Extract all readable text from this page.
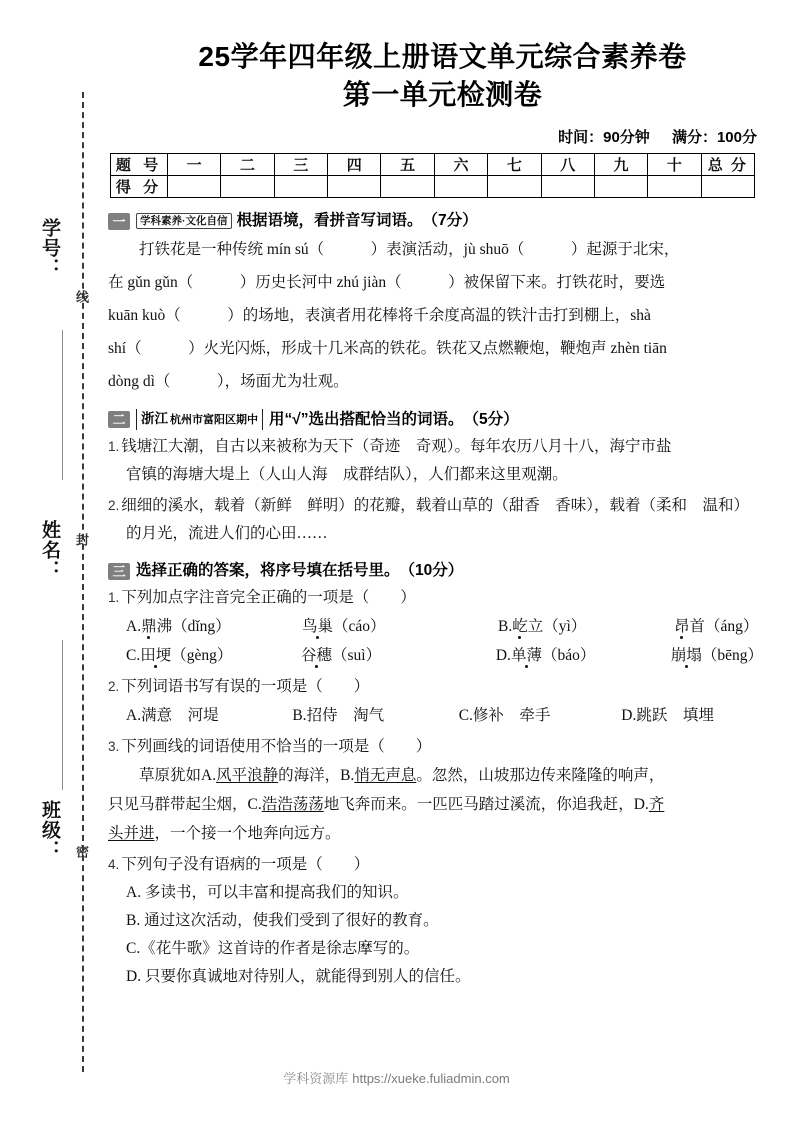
学号：
线
姓名： 封
班级： 密
25学年四年级上册语文单元综合素养卷
第一单元检测卷
时间：90分钟 满分：100分
题 号	一	二	三	四	五	六	七	八	九	十	总 分
得 分											
一	学科素养·文化自信 根据语境，看拼音写词语。 （7分）
打铁花是一种传统 mín sú（　　　）表演活动，jù shuō（　　　）起源于北宋，
在 gǔn gǔn（　　　）历史长河中 zhú jiàn（　　　）被保留下来。打铁花时，要选
kuān kuò（　　　）的场地，表演者用花棒将千余度高温的铁汁击打到棚上，shà
shí（　　　）火光闪烁，形成十几米高的铁花。铁花又点燃鞭炮，鞭炮声 zhèn tiān
dòng dì（　　　），场面尤为壮观。
二	浙江 杭州市富阳区期中 用“√”选出搭配恰当的词语。 （5分）
1. 钱塘江大潮，自古以来被称为天下（奇迹　奇观）。每年农历八月十八，海宁市盐
官镇的海塘大堤上（人山人海　成群结队），人们都来这里观潮。
2. 细细的溪水，载着（新鲜　鲜明）的花瓣，载着山草的（甜香　香味），载着（柔和　温和）
的月光，流进人们的心田……
三 选择正确的答案，将序号填在括号里。 （10分）
1. 下列加点字注音完全正确的一项是（　　）
A.鼎沸（dǐng）	鸟巢（cáo）	B.屹立（yì）	昂首（áng）
C.田埂（gèng）	谷穗（suì）	D.单薄（báo）	崩塌（bēng）
2. 下列词语书写有误的一项是（　　）
A.满意　河堤	B.招侍　淘气	C.修补　牵手	D.跳跃　填埋
3. 下列画线的词语使用不恰当的一项是（　　）
草原犹如A.风平浪静的海洋，B.悄无声息。忽然，山坡那边传来隆隆的响声，
只见马群带起尘烟，C.浩浩荡荡地飞奔而来。一匹匹马踏过溪流，你追我赶，D.齐
头并进，一个接一个地奔向远方。
4. 下列句子没有语病的一项是（　　）
A. 多读书，可以丰富和提高我们的知识。
B. 通过这次活动，使我们受到了很好的教育。
C.《花牛歌》这首诗的作者是徐志摩写的。
D. 只要你真诚地对待别人，就能得到别人的信任。
学科资源库 https://xueke.fuliadmin.com
